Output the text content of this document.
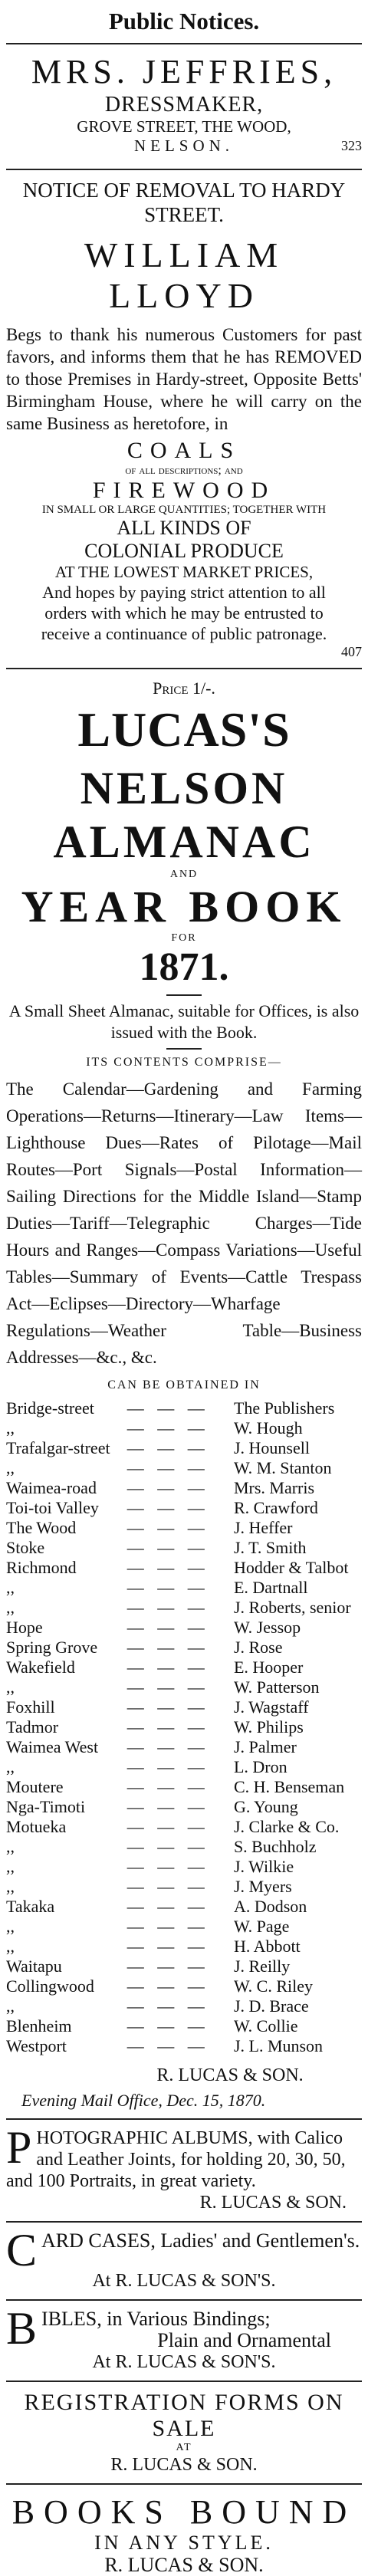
Public Notices.
MRS. JEFFRIES,
DRESSMAKER,
GROVE STREET, THE WOOD,
NELSON.	323
NOTICE OF REMOVAL TO HARDY STREET.
WILLIAM LLOYD
Begs to thank his numerous Customers for past favors, and informs them that he has REMOVED to those Premises in Hardy-street, Opposite Betts' Birmingham House, where he will carry on the same Business as heretofore, in
COALS
of all descriptions; and
FIREWOOD
IN SMALL OR LARGE QUANTITIES; TOGETHER WITH
ALL KINDS OF
COLONIAL PRODUCE
AT THE LOWEST MARKET PRICES,
And hopes by paying strict attention to all orders with which he may be entrusted to receive a continuance of public patronage.
407
Price 1/-.
LUCAS'S
NELSON ALMANAC
AND
YEAR BOOK
FOR
1871.
A Small Sheet Almanac, suitable for Offices, is also issued with the Book.
ITS CONTENTS COMPRISE—
The Calendar—Gardening and Farming Operations—Returns—Itinerary—Law Items—Lighthouse Dues—Rates of Pilotage—Mail Routes—Port Signals—Postal Information—Sailing Directions for the Middle Island—Stamp Duties—Tariff—Telegraphic Charges—Tide Hours and Ranges—Compass Variations—Useful Tables—Summary of Events—Cattle Trespass Act—Eclipses—Directory—Wharfage Regulations—Weather Table—Business Addresses—&c., &c.
CAN BE OBTAINED IN
Bridge-street	— — —	The Publishers
,,	— — —	W. Hough
Trafalgar-street	— — —	J. Hounsell
,,	— — —	W. M. Stanton
Waimea-road	— — —	Mrs. Marris
Toi-toi Valley	— — —	R. Crawford
The Wood	— — —	J. Heffer
Stoke	— — —	J. T. Smith
Richmond	— — —	Hodder & Talbot
,,	— — —	E. Dartnall
,,	— — —	J. Roberts, senior
Hope	— — —	W. Jessop
Spring Grove	— — —	J. Rose
Wakefield	— — —	E. Hooper
,,	— — —	W. Patterson
Foxhill	— — —	J. Wagstaff
Tadmor	— — —	W. Philips
Waimea West	— — —	J. Palmer
,,	— — —	L. Dron
Moutere	— — —	C. H. Benseman
Nga-Timoti	— — —	G. Young
Motueka	— — —	J. Clarke & Co.
,,	— — —	S. Buchholz
,,	— — —	J. Wilkie
,,	— — —	J. Myers
Takaka	— — —	A. Dodson
,,	— — —	W. Page
,,	— — —	H. Abbott
Waitapu	— — —	J. Reilly
Collingwood	— — —	W. C. Riley
,,	— — —	J. D. Brace
Blenheim	— — —	W. Collie
Westport	— — —	J. L. Munson
R. LUCAS & SON.
Evening Mail Office, Dec. 15, 1870.
P HOTOGRAPHIC ALBUMS, with Calico and Leather Joints, for holding 20, 30, 50, and 100 Portraits, in great variety.
R. LUCAS & SON.
C ARD CASES, Ladies' and Gentlemen's.
At R. LUCAS & SON'S.
B IBLES, in Various Bindings;
Plain and Ornamental
At R. LUCAS & SON'S.
REGISTRATION FORMS ON SALE
AT
R. LUCAS & SON.
BOOKS BOUND
IN ANY STYLE.
R. LUCAS & SON.
